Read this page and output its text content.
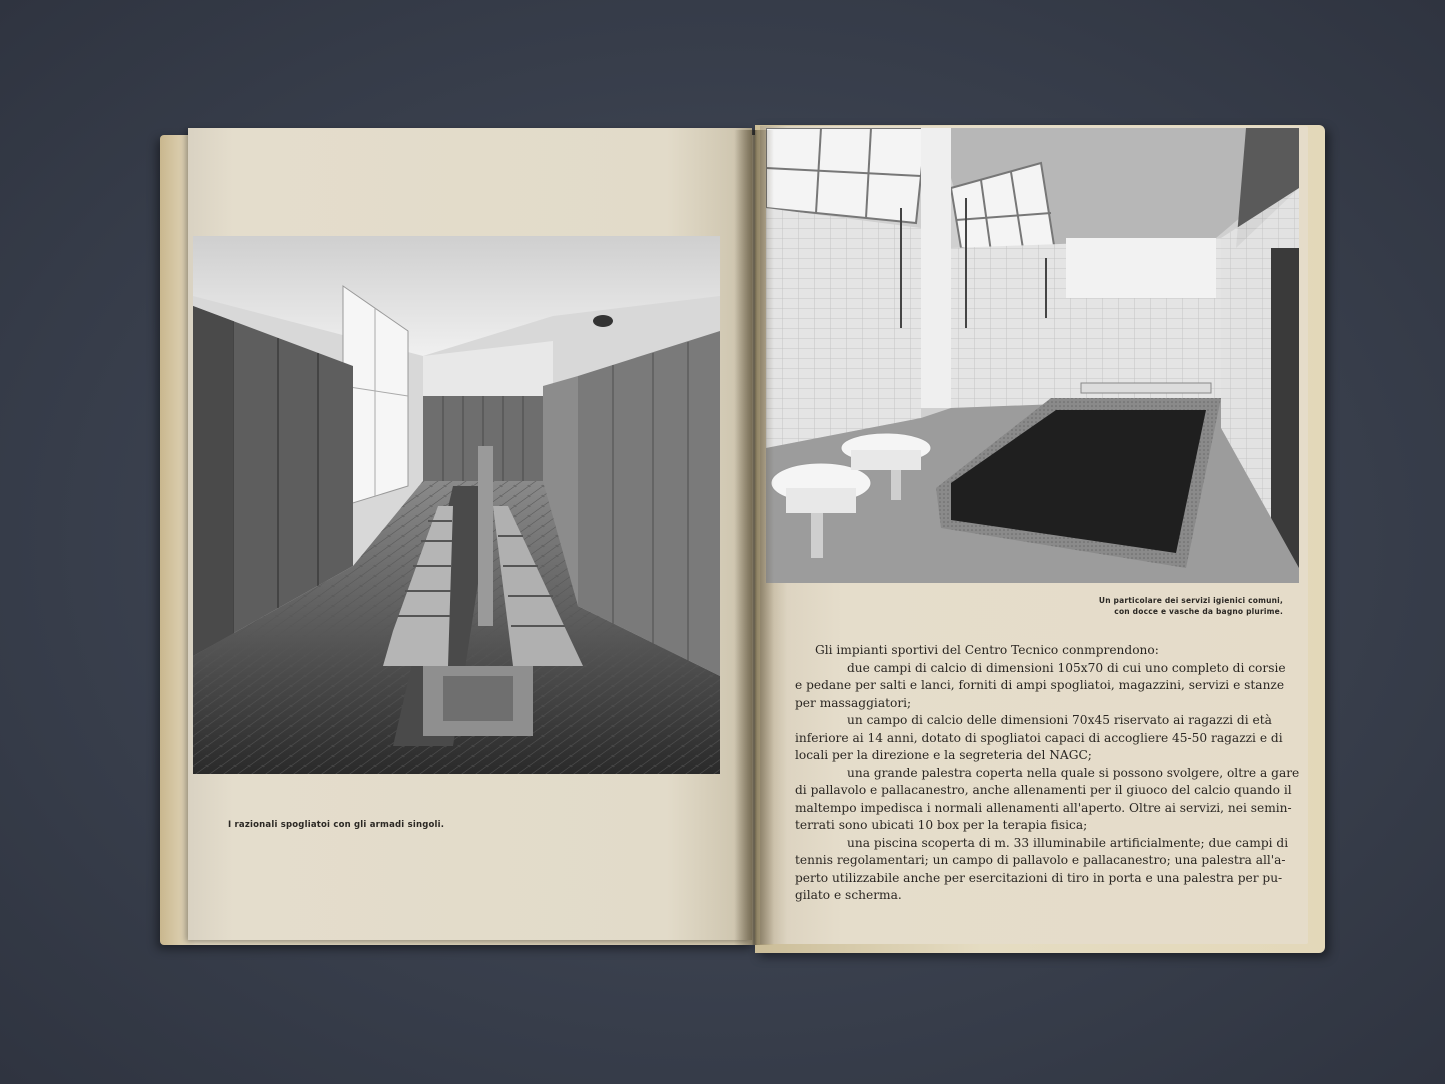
I razionali spogliatoi con gli armadi singoli.
Un particolare dei servizi igienici comuni,
con docce e vasche da bagno plurime.

Gli impianti sportivi del Centro Tecnico conmprendono:

due campi di calcio di dimensioni 105x70 di cui uno completo di corsie
e pedane per salti e lanci, forniti di ampi spogliatoi, magazzini, servizi e stanze
per massaggiatori;
un campo di calcio delle dimensioni 70x45 riservato ai ragazzi di età
inferiore ai 14 anni, dotato di spogliatoi capaci di accogliere 45-50 ragazzi e di
locali per la direzione e la segreteria del NAGC;
una grande palestra coperta nella quale si possono svolgere, oltre a gare
di pallavolo e pallacanestro, anche allenamenti per il giuoco del calcio quando il
maltempo impedisca i normali allenamenti all'aperto. Oltre ai servizi, nei semin-
terrati sono ubicati 10 box per la terapia fisica;
una piscina scoperta di m. 33 illuminabile artificialmente; due campi di
tennis regolamentari; un campo di pallavolo e pallacanestro; una palestra all'a-
perto utilizzabile anche per esercitazioni di tiro in porta e una palestra per pu-
gilato e scherma.
